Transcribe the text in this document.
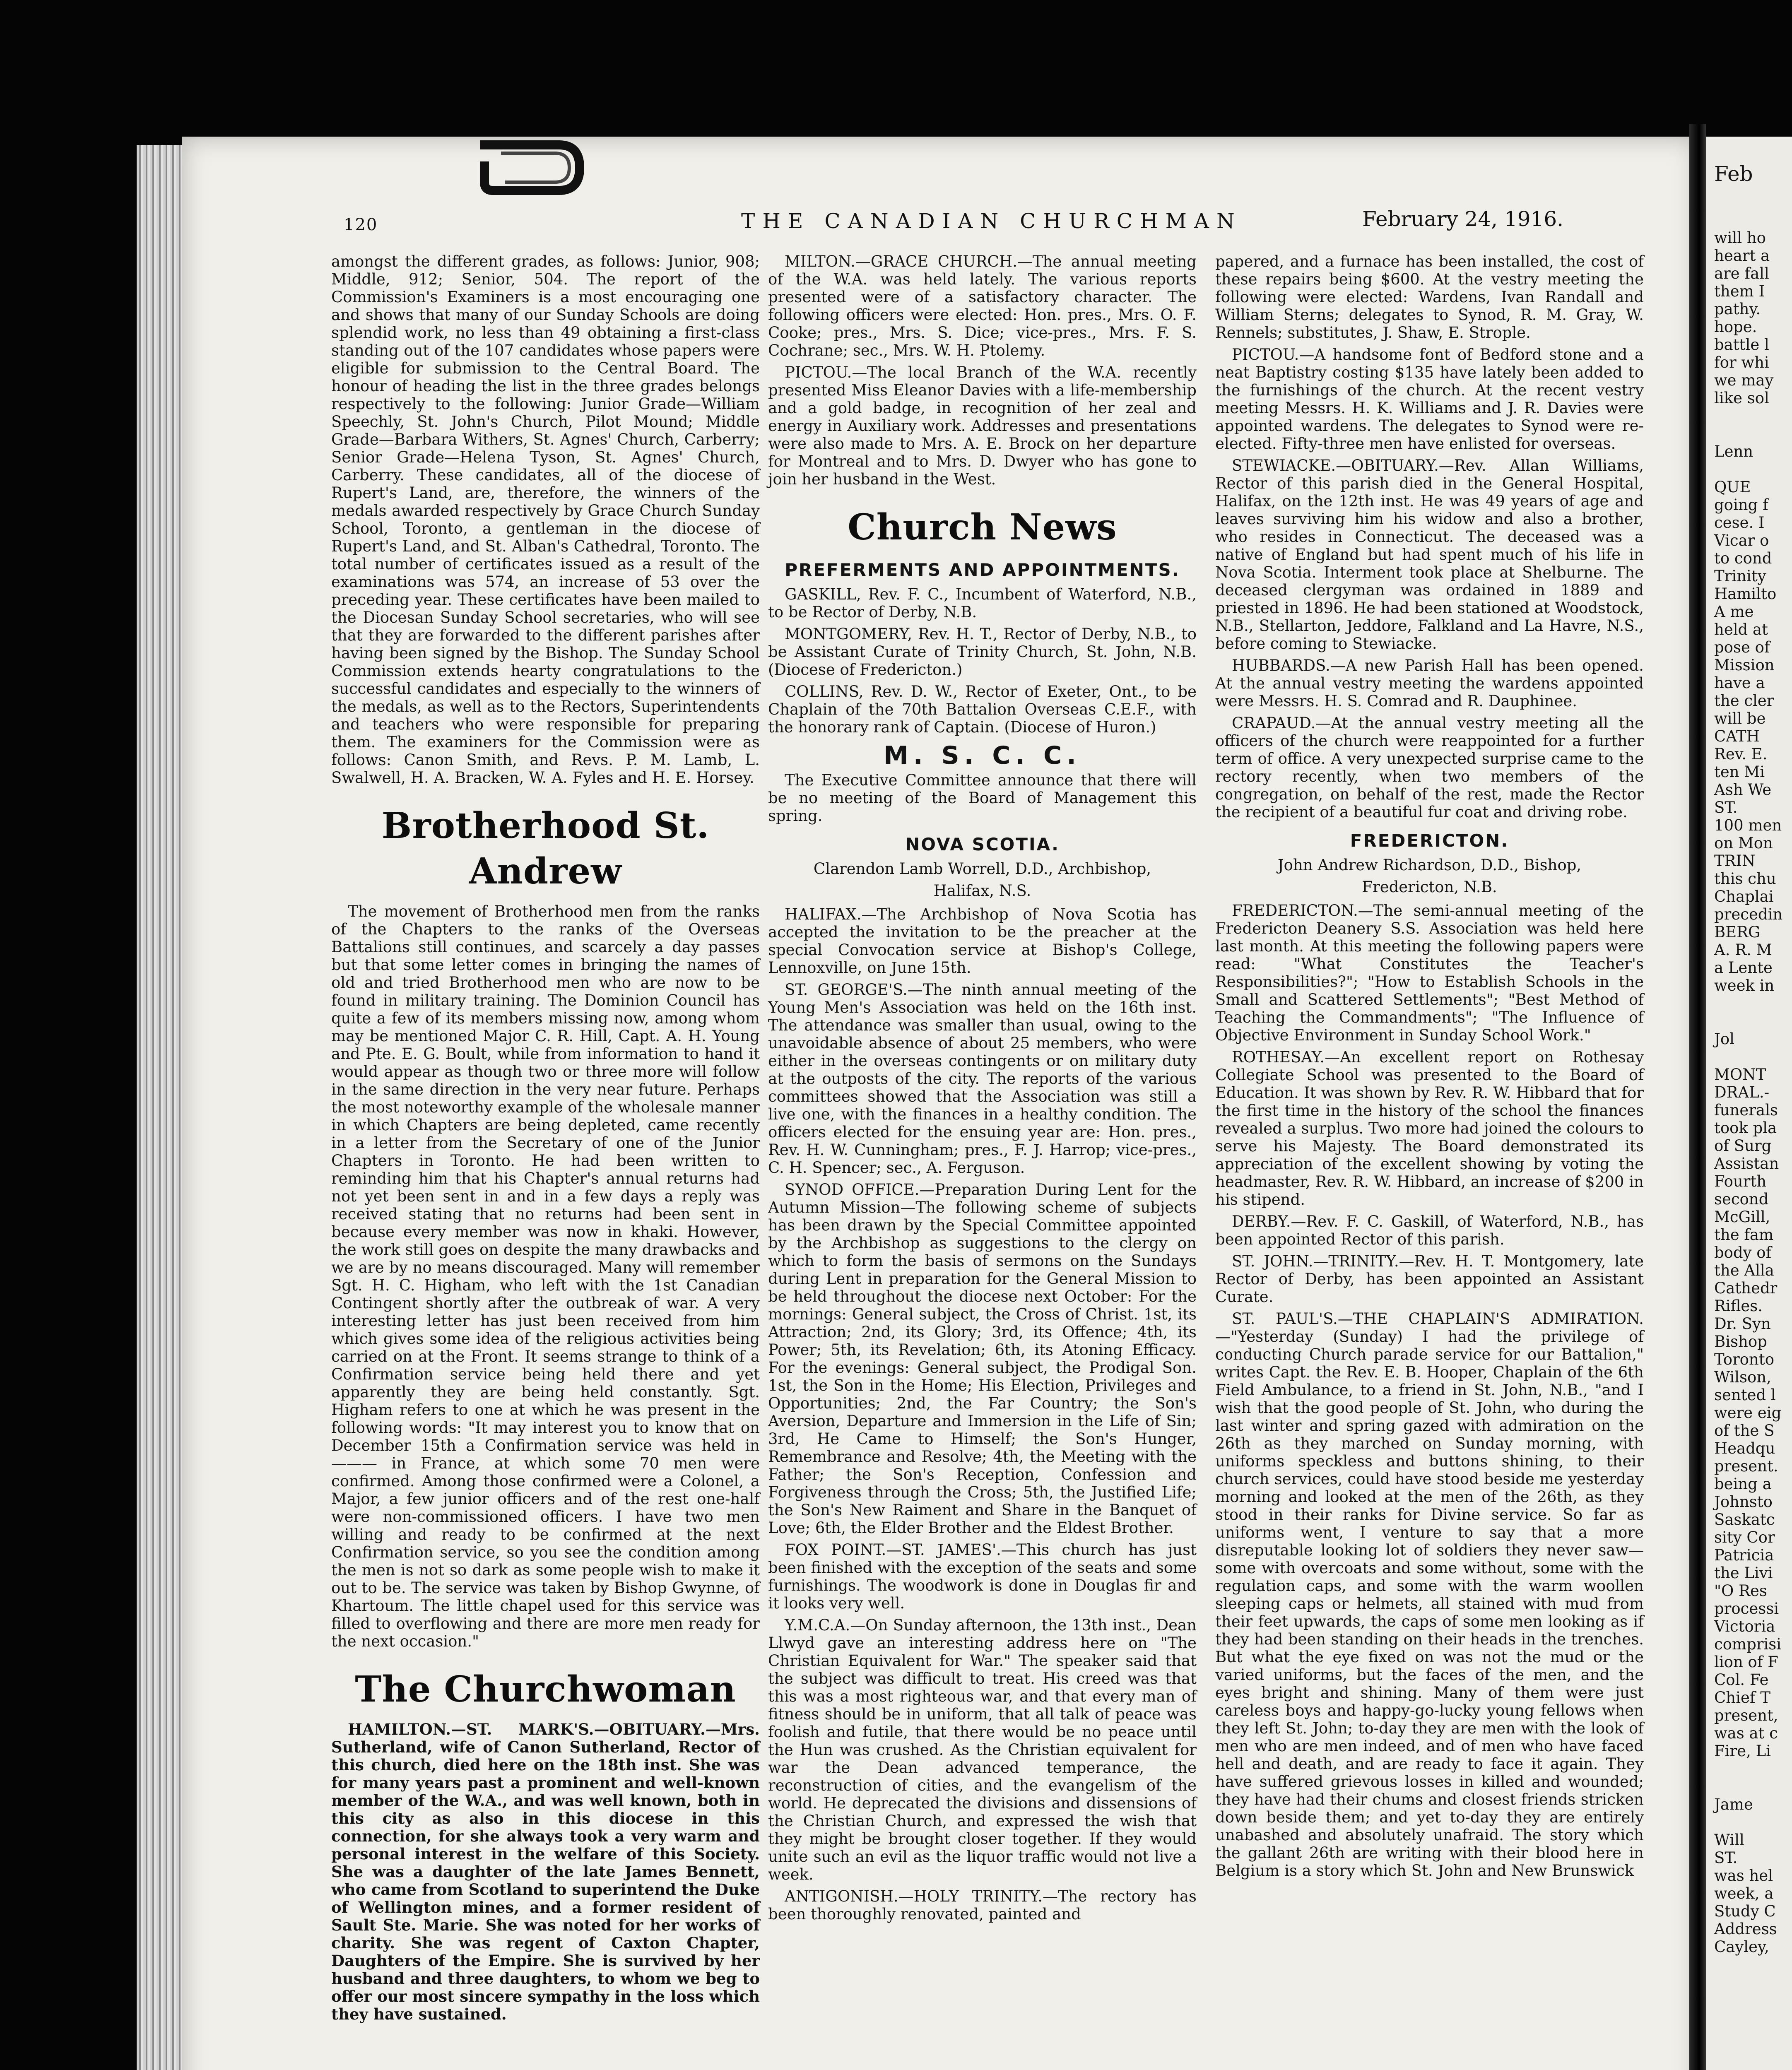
120	THE CANADIAN CHURCHMAN	February 24, 1916.

amongst the different grades, as follows: Junior, 908; Middle, 912; Senior, 504. The report of the Commission's Examiners is a most encouraging one and shows that many of our Sunday Schools are doing splendid work, no less than 49 obtaining a first-class standing out of the 107 candidates whose papers were eligible for submission to the Central Board. The honour of heading the list in the three grades belongs respectively to the following: Junior Grade—William Speechly, St. John's Church, Pilot Mound; Middle Grade—Barbara Withers, St. Agnes' Church, Carberry; Senior Grade—Helena Tyson, St. Agnes' Church, Carberry. These candidates, all of the diocese of Rupert's Land, are, therefore, the winners of the medals awarded respectively by Grace Church Sunday School, Toronto, a gentleman in the diocese of Rupert's Land, and St. Alban's Cathedral, Toronto. The total number of certificates issued as a result of the examinations was 574, an increase of 53 over the preceding year. These certificates have been mailed to the Diocesan Sunday School secretaries, who will see that they are forwarded to the different parishes after having been signed by the Bishop. The Sunday School Commission extends hearty congratulations to the successful candidates and especially to the winners of the medals, as well as to the Rectors, Superintendents and teachers who were responsible for preparing them. The examiners for the Commission were as follows: Canon Smith, and Revs. P. M. Lamb, L. Swalwell, H. A. Bracken, W. A. Fyles and H. E. Horsey.

Brotherhood St. Andrew

The movement of Brotherhood men from the ranks of the Chapters to the ranks of the Overseas Battalions still continues, and scarcely a day passes but that some letter comes in bringing the names of old and tried Brotherhood men who are now to be found in military training. The Dominion Council has quite a few of its members missing now, among whom may be mentioned Major C. R. Hill, Capt. A. H. Young and Pte. E. G. Boult, while from information to hand it would appear as though two or three more will follow in the same direction in the very near future. Perhaps the most noteworthy example of the wholesale manner in which Chapters are being depleted, came recently in a letter from the Secretary of one of the Junior Chapters in Toronto. He had been written to reminding him that his Chapter's annual returns had not yet been sent in and in a few days a reply was received stating that no returns had been sent in because every member was now in khaki. However, the work still goes on despite the many drawbacks and we are by no means discouraged. Many will remember Sgt. H. C. Higham, who left with the 1st Canadian Contingent shortly after the outbreak of war. A very interesting letter has just been received from him which gives some idea of the religious activities being carried on at the Front. It seems strange to think of a Confirmation service being held there and yet apparently they are being held constantly. Sgt. Higham refers to one at which he was present in the following words: "It may interest you to know that on December 15th a Confirmation service was held in ——— in France, at which some 70 men were confirmed. Among those confirmed were a Colonel, a Major, a few junior officers and of the rest one-half were non-commissioned officers. I have two men willing and ready to be confirmed at the next Confirmation service, so you see the condition among the men is not so dark as some people wish to make it out to be. The service was taken by Bishop Gwynne, of Khartoum. The little chapel used for this service was filled to overflowing and there are more men ready for the next occasion."

The Churchwoman

HAMILTON.—ST. MARK'S.—OBITUARY.—Mrs. Sutherland, wife of Canon Sutherland, Rector of this church, died here on the 18th inst. She was for many years past a prominent and well-known member of the W.A., and was well known, both in this city as also in this diocese in this connection, for she always took a very warm and personal interest in the welfare of this Society. She was a daughter of the late James Bennett, who came from Scotland to superintend the Duke of Wellington mines, and a former resident of Sault Ste. Marie. She was noted for her works of charity. She was regent of Caxton Chapter, Daughters of the Empire. She is survived by her husband and three daughters, to whom we beg to offer our most sincere sympathy in the loss which they have sustained.

MILTON.—GRACE CHURCH.—The annual meeting of the W.A. was held lately. The various reports presented were of a satisfactory character. The following officers were elected: Hon. pres., Mrs. O. F. Cooke; pres., Mrs. S. Dice; vice-pres., Mrs. F. S. Cochrane; sec., Mrs. W. H. Ptolemy.

PICTOU.—The local Branch of the W.A. recently presented Miss Eleanor Davies with a life-membership and a gold badge, in recognition of her zeal and energy in Auxiliary work. Addresses and presentations were also made to Mrs. A. E. Brock on her departure for Montreal and to Mrs. D. Dwyer who has gone to join her husband in the West.

Church News
PREFERMENTS AND APPOINTMENTS.

GASKILL, Rev. F. C., Incumbent of Waterford, N.B., to be Rector of Derby, N.B.

MONTGOMERY, Rev. H. T., Rector of Derby, N.B., to be Assistant Curate of Trinity Church, St. John, N.B. (Diocese of Fredericton.)

COLLINS, Rev. D. W., Rector of Exeter, Ont., to be Chaplain of the 70th Battalion Overseas C.E.F., with the honorary rank of Captain. (Diocese of Huron.)

M. S. C. C.

The Executive Committee announce that there will be no meeting of the Board of Management this spring.

NOVA SCOTIA.

Clarendon Lamb Worrell, D.D., Archbishop,

Halifax, N.S.

HALIFAX.—The Archbishop of Nova Scotia has accepted the invitation to be the preacher at the special Convocation service at Bishop's College, Lennoxville, on June 15th.

ST. GEORGE'S.—The ninth annual meeting of the Young Men's Association was held on the 16th inst. The attendance was smaller than usual, owing to the unavoidable absence of about 25 members, who were either in the overseas contingents or on military duty at the outposts of the city. The reports of the various committees showed that the Association was still a live one, with the finances in a healthy condition. The officers elected for the ensuing year are: Hon. pres., Rev. H. W. Cunningham; pres., F. J. Harrop; vice-pres., C. H. Spencer; sec., A. Ferguson.

SYNOD OFFICE.—Preparation During Lent for the Autumn Mission—The following scheme of subjects has been drawn by the Special Committee appointed by the Archbishop as suggestions to the clergy on which to form the basis of sermons on the Sundays during Lent in preparation for the General Mission to be held throughout the diocese next October: For the mornings: General subject, the Cross of Christ. 1st, its Attraction; 2nd, its Glory; 3rd, its Offence; 4th, its Power; 5th, its Revelation; 6th, its Atoning Efficacy. For the evenings: General subject, the Prodigal Son. 1st, the Son in the Home; His Election, Privileges and Opportunities; 2nd, the Far Country; the Son's Aversion, Departure and Immersion in the Life of Sin; 3rd, He Came to Himself; the Son's Hunger, Remembrance and Resolve; 4th, the Meeting with the Father; the Son's Reception, Confession and Forgiveness through the Cross; 5th, the Justified Life; the Son's New Raiment and Share in the Banquet of Love; 6th, the Elder Brother and the Eldest Brother.

FOX POINT.—ST. JAMES'.—This church has just been finished with the exception of the seats and some furnishings. The woodwork is done in Douglas fir and it looks very well.

Y.M.C.A.—On Sunday afternoon, the 13th inst., Dean Llwyd gave an interesting address here on "The Christian Equivalent for War." The speaker said that the subject was difficult to treat. His creed was that this was a most righteous war, and that every man of fitness should be in uniform, that all talk of peace was foolish and futile, that there would be no peace until the Hun was crushed. As the Christian equivalent for war the Dean advanced temperance, the reconstruction of cities, and the evangelism of the world. He deprecated the divisions and dissensions of the Christian Church, and expressed the wish that they might be brought closer together. If they would unite such an evil as the liquor traffic would not live a week.

ANTIGONISH.—HOLY TRINITY.—The rectory has been thoroughly renovated, painted and

papered, and a furnace has been installed, the cost of these repairs being $600. At the vestry meeting the following were elected: Wardens, Ivan Randall and William Sterns; delegates to Synod, R. M. Gray, W. Rennels; substitutes, J. Shaw, E. Strople.

PICTOU.—A handsome font of Bedford stone and a neat Baptistry costing $135 have lately been added to the furnishings of the church. At the recent vestry meeting Messrs. H. K. Williams and J. R. Davies were appointed wardens. The delegates to Synod were re-elected. Fifty-three men have enlisted for overseas.

STEWIACKE.—OBITUARY.—Rev. Allan Williams, Rector of this parish died in the General Hospital, Halifax, on the 12th inst. He was 49 years of age and leaves surviving him his widow and also a brother, who resides in Connecticut. The deceased was a native of England but had spent much of his life in Nova Scotia. Interment took place at Shelburne. The deceased clergyman was ordained in 1889 and priested in 1896. He had been stationed at Woodstock, N.B., Stellarton, Jeddore, Falkland and La Havre, N.S., before coming to Stewiacke.

HUBBARDS.—A new Parish Hall has been opened. At the annual vestry meeting the wardens appointed were Messrs. H. S. Comrad and R. Dauphinee.

CRAPAUD.—At the annual vestry meeting all the officers of the church were reappointed for a further term of office. A very unexpected surprise came to the rectory recently, when two members of the congregation, on behalf of the rest, made the Rector the recipient of a beautiful fur coat and driving robe.

FREDERICTON.

John Andrew Richardson, D.D., Bishop,

Fredericton, N.B.

FREDERICTON.—The semi-annual meeting of the Fredericton Deanery S.S. Association was held here last month. At this meeting the following papers were read: "What Constitutes the Teacher's Responsibilities?"; "How to Establish Schools in the Small and Scattered Settlements"; "Best Method of Teaching the Commandments"; "The Influence of Objective Environment in Sunday School Work."

ROTHESAY.—An excellent report on Rothesay Collegiate School was presented to the Board of Education. It was shown by Rev. R. W. Hibbard that for the first time in the history of the school the finances revealed a surplus. Two more had joined the colours to serve his Majesty. The Board demonstrated its appreciation of the excellent showing by voting the headmaster, Rev. R. W. Hibbard, an increase of $200 in his stipend.

DERBY.—Rev. F. C. Gaskill, of Waterford, N.B., has been appointed Rector of this parish.

ST. JOHN.—TRINITY.—Rev. H. T. Montgomery, late Rector of Derby, has been appointed an Assistant Curate.

ST. PAUL'S.—THE CHAPLAIN'S ADMIRATION.—"Yesterday (Sunday) I had the privilege of conducting Church parade service for our Battalion," writes Capt. the Rev. E. B. Hooper, Chaplain of the 6th Field Ambulance, to a friend in St. John, N.B., "and I wish that the good people of St. John, who during the last winter and spring gazed with admiration on the 26th as they marched on Sunday morning, with uniforms speckless and buttons shining, to their church services, could have stood beside me yesterday morning and looked at the men of the 26th, as they stood in their ranks for Divine service. So far as uniforms went, I venture to say that a more disreputable looking lot of soldiers they never saw—some with overcoats and some without, some with the regulation caps, and some with the warm woollen sleeping caps or helmets, all stained with mud from their feet upwards, the caps of some men looking as if they had been standing on their heads in the trenches. But what the eye fixed on was not the mud or the varied uniforms, but the faces of the men, and the eyes bright and shining. Many of them were just careless boys and happy-go-lucky young fellows when they left St. John; to-day they are men with the look of men who are men indeed, and of men who have faced hell and death, and are ready to face it again. They have suffered grievous losses in killed and wounded; they have had their chums and closest friends stricken down beside them; and yet to-day they are entirely unabashed and absolutely unafraid. The story which the gallant 26th are writing with their blood here in Belgium is a story which St. John and New Brunswick

Feb

will ho
heart a
are fall
them I
pathy.
hope.
battle l
for whi
we may
like sol

Lenn

QUE
going f
cese. I
Vicar o
to cond
Trinity
Hamilto
A me
held at
pose of
Mission
have a
the cler
will be
CATH
Rev. E.
ten Mi
Ash We
ST.
100 men
on Mon
TRIN
this chu
Chaplai
precedin
BERG
A. R. M
a Lente
week in

Jol

MONT
DRAL.-
funerals
took pla
of Surg
Assistan
Fourth
second
McGill,
the fam
body of
the Alla
Cathedr
Rifles.
Dr. Syn
Bishop
Toronto
Wilson,
sented l
were eig
of the S
Headqu
present.
being a
Johnsto
Saskatc
sity Cor
Patricia
the Livi
"O Res
processi
Victoria
comprisi
lion of F
Col. Fe
Chief T
present,
was at c
Fire, Li

Jame

Will
ST.
was hel
week, a
Study C
Address
Cayley,
